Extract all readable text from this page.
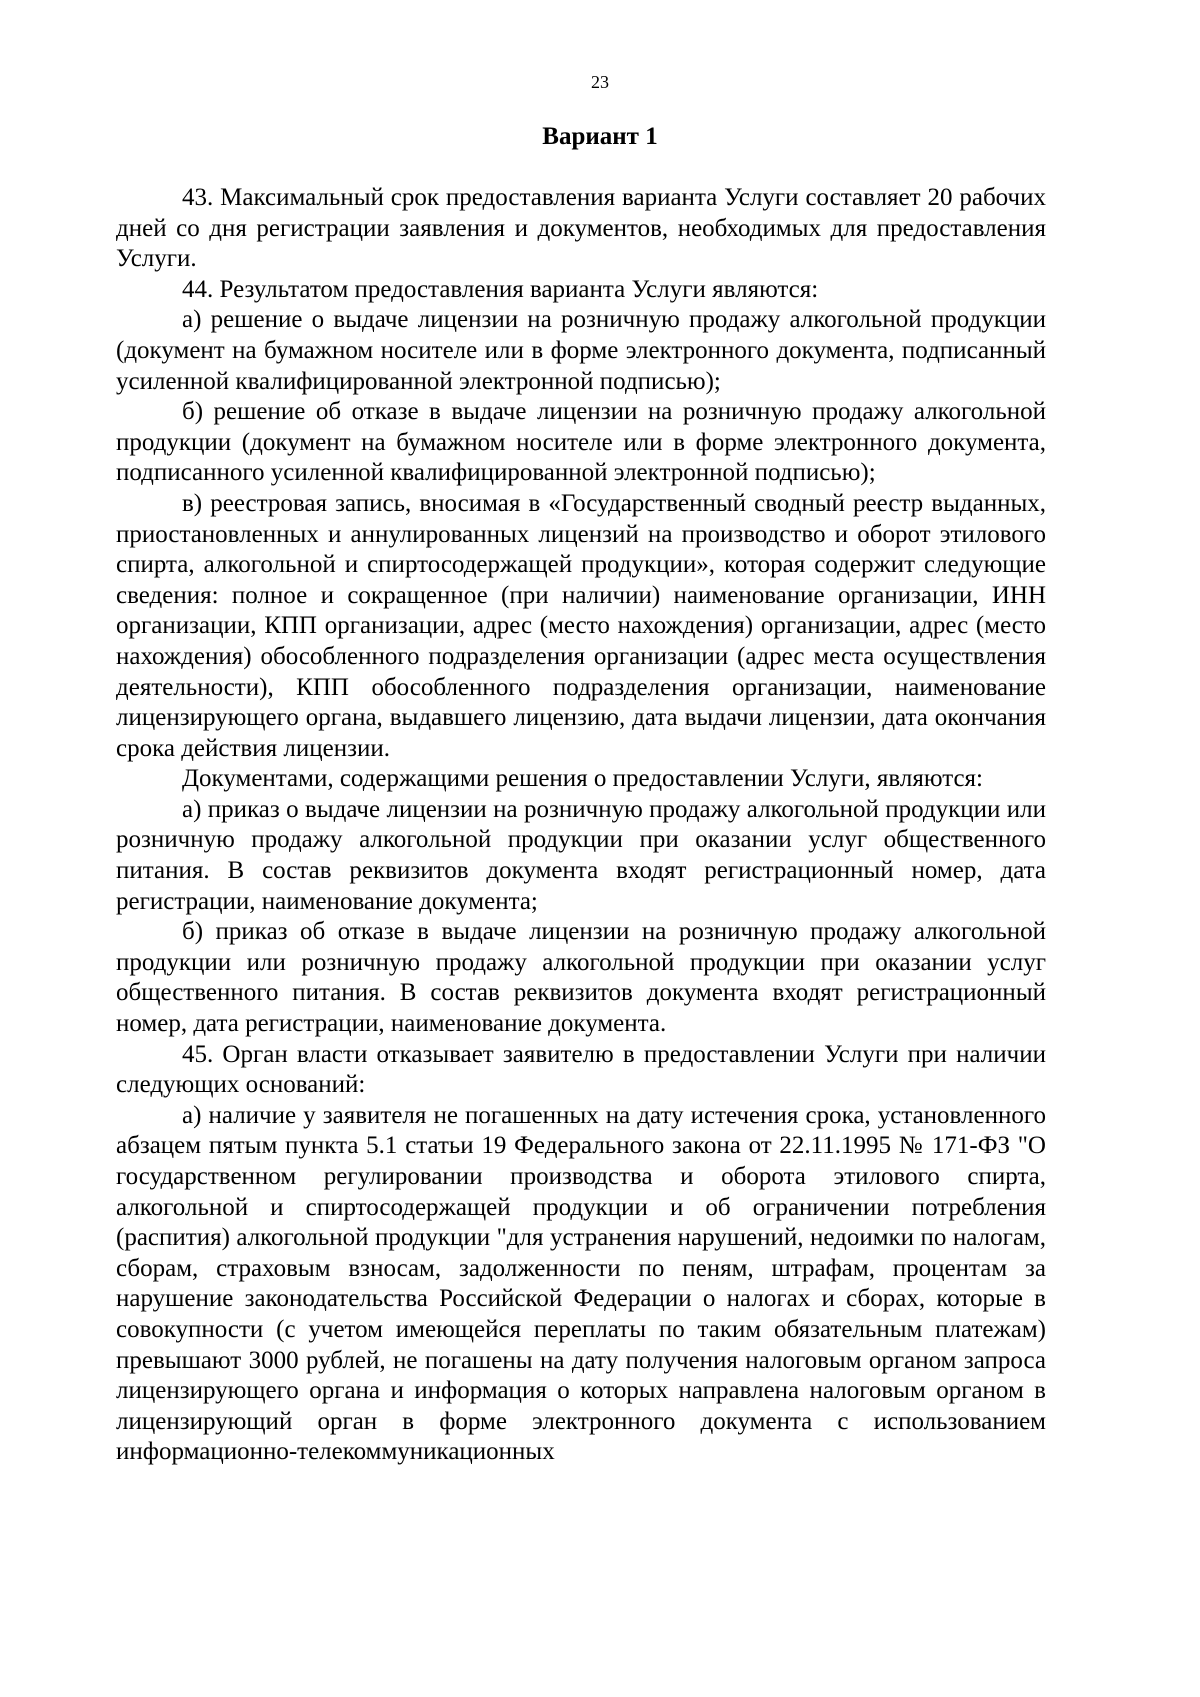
23
Вариант 1

43. Максимальный срок предоставления варианта Услуги составляет 20 рабочих дней со дня регистрации заявления и документов, необходимых для предоставления Услуги.

44. Результатом предоставления варианта Услуги являются:

а) решение о выдаче лицензии на розничную продажу алкогольной продукции (документ на бумажном носителе или в форме электронного документа, подписанный усиленной квалифицированной электронной подписью);

б) решение об отказе в выдаче лицензии на розничную продажу алкогольной продукции (документ на бумажном носителе или в форме электронного документа, подписанного усиленной квалифицированной электронной подписью);

в) реестровая запись, вносимая в «Государственный сводный реестр выданных, приостановленных и аннулированных лицензий на производство и оборот этилового спирта, алкогольной и спиртосодержащей продукции», которая содержит следующие сведения: полное и сокращенное (при наличии) наименование организации, ИНН организации, КПП организации, адрес (место нахождения) организации, адрес (место нахождения) обособленного подразделения организации (адрес места осуществления деятельности), КПП обособленного подразделения организации, наименование лицензирующего органа, выдавшего лицензию, дата выдачи лицензии, дата окончания срока действия лицензии.

Документами, содержащими решения о предоставлении Услуги, являются:

а) приказ о выдаче лицензии на розничную продажу алкогольной продукции или розничную продажу алкогольной продукции при оказании услуг общественного питания. В состав реквизитов документа входят регистрационный номер, дата регистрации, наименование документа;

б) приказ об отказе в выдаче лицензии на розничную продажу алкогольной продукции или розничную продажу алкогольной продукции при оказании услуг общественного питания. В состав реквизитов документа входят регистрационный номер, дата регистрации, наименование документа.

45. Орган власти отказывает заявителю в предоставлении Услуги при наличии следующих оснований:

а) наличие у заявителя не погашенных на дату истечения срока, установленного абзацем пятым пункта 5.1 статьи 19 Федерального закона от 22.11.1995 № 171-ФЗ "О государственном регулировании производства и оборота этилового спирта, алкогольной и спиртосодержащей продукции и об ограничении потребления (распития) алкогольной продукции "для устранения нарушений, недоимки по налогам, сборам, страховым взносам, задолженности по пеням, штрафам, процентам за нарушение законодательства Российской Федерации о налогах и сборах, которые в совокупности (с учетом имеющейся переплаты по таким обязательным платежам) превышают 3000 рублей, не погашены на дату получения налоговым органом запроса лицензирующего органа и информация о которых направлена налоговым органом в лицензирующий орган в форме электронного документа с использованием информационно-телекоммуникационных
